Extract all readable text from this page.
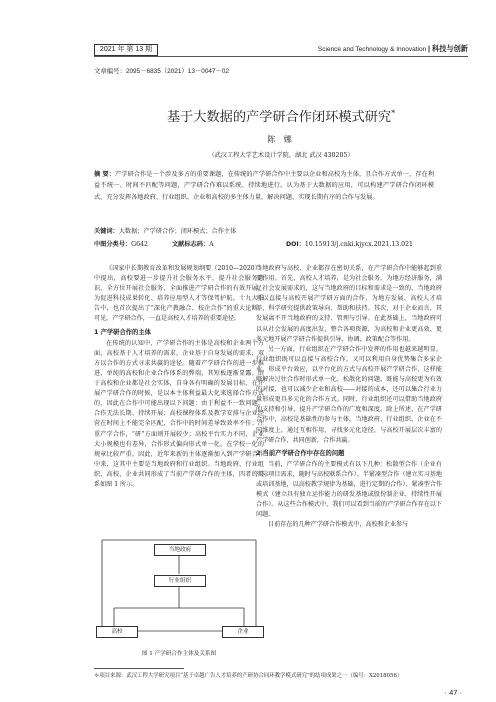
2021 年 第 13 期	Science and Technology & Innovation | 科技与创新
文章编号：2095－6835（2021）13－0047－02
基于大数据的产学研合作闭环模式研究*
陈 娜
（武汉工程大学艺术设计学院，湖北 武汉 430205）
摘 要：产学研合作是一个涉及多方的重要课题，在传统的产学研合作中主要以企业和高校为主体，且合作方式单一，存在利益不统一、时间不匹配等问题，产学研合作难以系统、持续地进行。认为基于大数据的应用，可以构建产学研合作闭环模式，充分发挥各地政府、行业组织、企业和高校的多主体力量，解决问题，实现长期有序的合作与发展。
关键词：大数据；产学研合作；闭环模式；合作主体
中图分类号：G642	文献标志码：A	DOI：10.15913/j.cnki.kjycx.2021.13.021

《国家中长期教育改革和发展规划纲要（2010—2020）》中提出，高校要进一步提升社会服务水平，提升社会服务意识，全方位开展社会服务，全面推进产学研合作的有效开展，为促进科技成果转化、培养应用型人才等保驾护航。十九大报告中，也首次提出了“深化产教融合、校企合作”的重大论断。可见，产学研合作，一直是高校人才培养的重要途径。

1 产学研合作的主体

在传统的认知中，产学研合作的主体是高校和企业两个方面，高校基于人才培养的需求，企业基于自身发展的需求，双方以合作的方式寻求共赢的途径。随着产学研合作的进一步推进，单纯的高校和企业合作体系的弊端，其短板逐渐显露。由于高校和企业都是社会实体，自身各有明确的发展目标，在开展产学研合作的时候，是以本主体利益最大化来选择合作方式的，因此在合作中可能出现以下问题：由于利益不一致问题，合作无法长期、持续开展；高校课程体系及教学安排与企业经营在时间上不能完全匹配，合作中的时间差导致效率不佳；注重产学合作，“研”方面则开展较少；高校平台实力不同，企业大小规模也有差异，合作形式偏向形式单一化。在学校一化的规章比较严重。因此，近年来新的主体逐渐加入到产学研合作中来，这其中主要是当地政府和行业组织。当地政府、行业组织、高校、企业共同形成了当前产学研合作的主体，四者的关系如图 1 所示。

当地政府
行业组织
高校	企业
图 1 产学研合作主体及关系图

当地政府与高校、企业都存在密切关系，在产学研合作中能够起到重要作用。首先，高校人才培养，是为社会服务，为地方经济服务，满足社会发展需求的，这与当地政府的目标和需求是一致的，当地政府可以直接与高校开展产学研方面的合作，为地方发展、高校人才培养、科学研究提供政策导向、帮助和扶持。其次，对于企业而言，其发展离不开当地政府的支持、管理与引导。在此基础上，当地政府可以从社会发展的高度出发，整合各项资源，为高校和企业更高效、更多元地开展产学研合作提供引导、协调、政策配合等作用。

另一方面，行业组织在产学研合作中发挥的作用也越来越明显。行业组织既可以直接与高校合作，又可以利用自身优势集合多家企业，形成平台效应，以平台化的方式与高校开展产学研合作，这样能够解决过往合作时形式单一化、松散化的问题，既能与高校更为有效的对接，也可以减少企业和高校——对接的成本，还可以集合行业力量形成更具多元化的合作方式。同时，行业组织还可以借助当地政府的支持和引导，提升产学研合作的广度和深度。除上所述，在产学研合作中，高校是基础性的参与主体，当地政府、行业组织、企业在不同维度上，通过互相作用，寻找多元化途径，与高校开展层次丰富的产学研合作，共同创新，合作共赢。

2 当前产学研合作中存在的问题

当前，产学研合作的主要模式有以下几种：松散型合作（企业有实际项目需求，随时与高校联系合作）、半紧凑型合作（建立实习基地或培训基地，以高校教学规律为基础，进行定期的合作）、紧凑型合作模式（建立具有独立运作能力的研发基地或股份制企业，持续性开展合作）。从这些合作模式中，我们可以看到当前的产学研合作存在以下问题。

目前存在的几种产学研合作模式中，高校和企业参与

＊项目来源：武汉工程大学研究项目“基于卓越广告人才培养的产研协合同环教学模式研究”的结项成果之一（编号：X2018056）
· 47 ·
